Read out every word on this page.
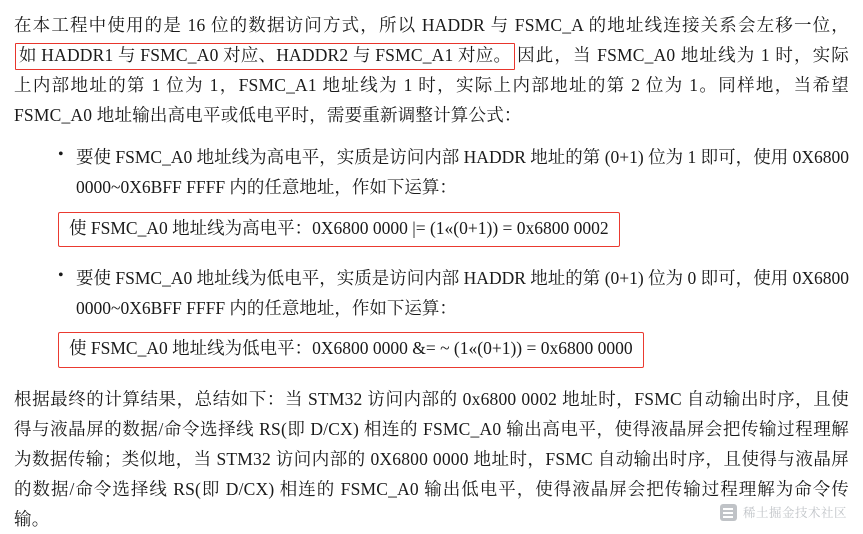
在本工程中使用的是 16 位的数据访问方式，所以 HADDR 与 FSMC_A 的地址线连接关系会左移一位，如 HADDR1 与 FSMC_A0 对应、HADDR2 与 FSMC_A1 对应。 因此，当 FSMC_A0 地址线为 1 时，实际上内部地址的第 1 位为 1，FSMC_A1 地址线为 1 时，实际上内部地址的第 2 位为 1。同样地，当希望 FSMC_A0 地址输出高电平或低电平时，需要重新调整计算公式：

• 要使 FSMC_A0 地址线为高电平，实质是访问内部 HADDR 地址的第 (0+1) 位为 1 即可，使用 0X6800 0000~0X6BFF FFFF 内的任意地址，作如下运算：
使 FSMC_A0 地址线为高电平：0X6800 0000 |= (1«(0+1)) = 0x6800 0002
• 要使 FSMC_A0 地址线为低电平，实质是访问内部 HADDR 地址的第 (0+1) 位为 0 即可，使用 0X6800 0000~0X6BFF FFFF 内的任意地址，作如下运算：
使 FSMC_A0 地址线为低电平：0X6800 0000 &= ~ (1«(0+1)) = 0x6800 0000

根据最终的计算结果，总结如下：当 STM32 访问内部的 0x6800 0002 地址时，FSMC 自动输出时序，且使得与液晶屏的数据/命令选择线 RS(即 D/CX) 相连的 FSMC_A0 输出高电平，使得液晶屏会把传输过程理解为数据传输；类似地，当 STM32 访问内部的 0X6800 0000 地址时，FSMC 自动输出时序，且使得与液晶屏的数据/命令选择线 RS(即 D/CX) 相连的 FSMC_A0 输出低电平，使得液晶屏会把传输过程理解为命令传输。	稀土掘金技术社区
